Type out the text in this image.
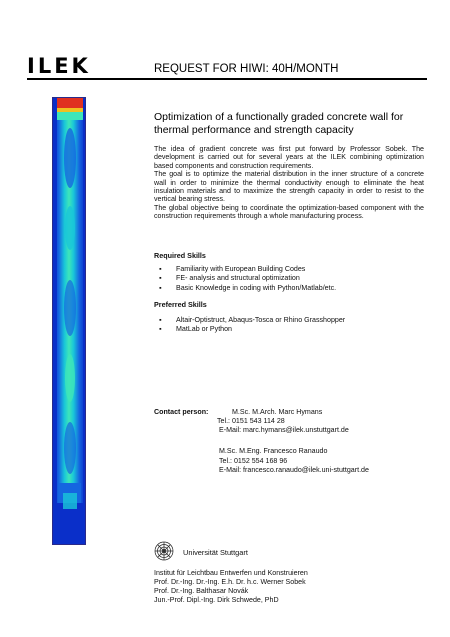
ILEK	REQUEST FOR HIWI: 40H/MONTH
Optimization of a functionally graded concrete wall for thermal performance and strength capacity

The idea of gradient concrete was first put forward by Professor Sobek. The development is carried out for several years at the ILEK combining optimization based components and construction requirements.

The goal is to optimize the material distribution in the inner structure of a concrete wall in order to minimize the thermal conductivity enough to eliminate the heat insulation materials and to maximize the strength capacity in order to resist to the vertical bearing stress.

The global objective being to coordinate the optimization-based component with the construction requirements through a whole manufacturing process.

Required Skills
▪ Familiarity with European Building Codes
▪ FE- analysis and structural optimization
▪ Basic Knowledge in coding with Python/Matlab/etc.
Preferred Skills
▪ Altair-Optistruct, Abaqus-Tosca or Rhino Grasshopper
▪ MatLab or Python
Contact person:	M.Sc. M.Arch. Marc Hymans
Tel.: 0151 543 114 28
E-Mail: marc.hymans@ilek.unstuttgart.de
M.Sc. M.Eng. Francesco Ranaudo
Tel.: 0152 554 168 96
E-Mail: francesco.ranaudo@ilek.uni-stuttgart.de
Universität Stuttgart
Institut für Leichtbau Entwerfen und Konstruieren
Prof. Dr.-Ing. Dr.-Ing. E.h. Dr. h.c. Werner Sobek
Prof. Dr.-Ing. Balthasar Novák
Jun.-Prof. Dipl.-Ing. Dirk Schwede, PhD
